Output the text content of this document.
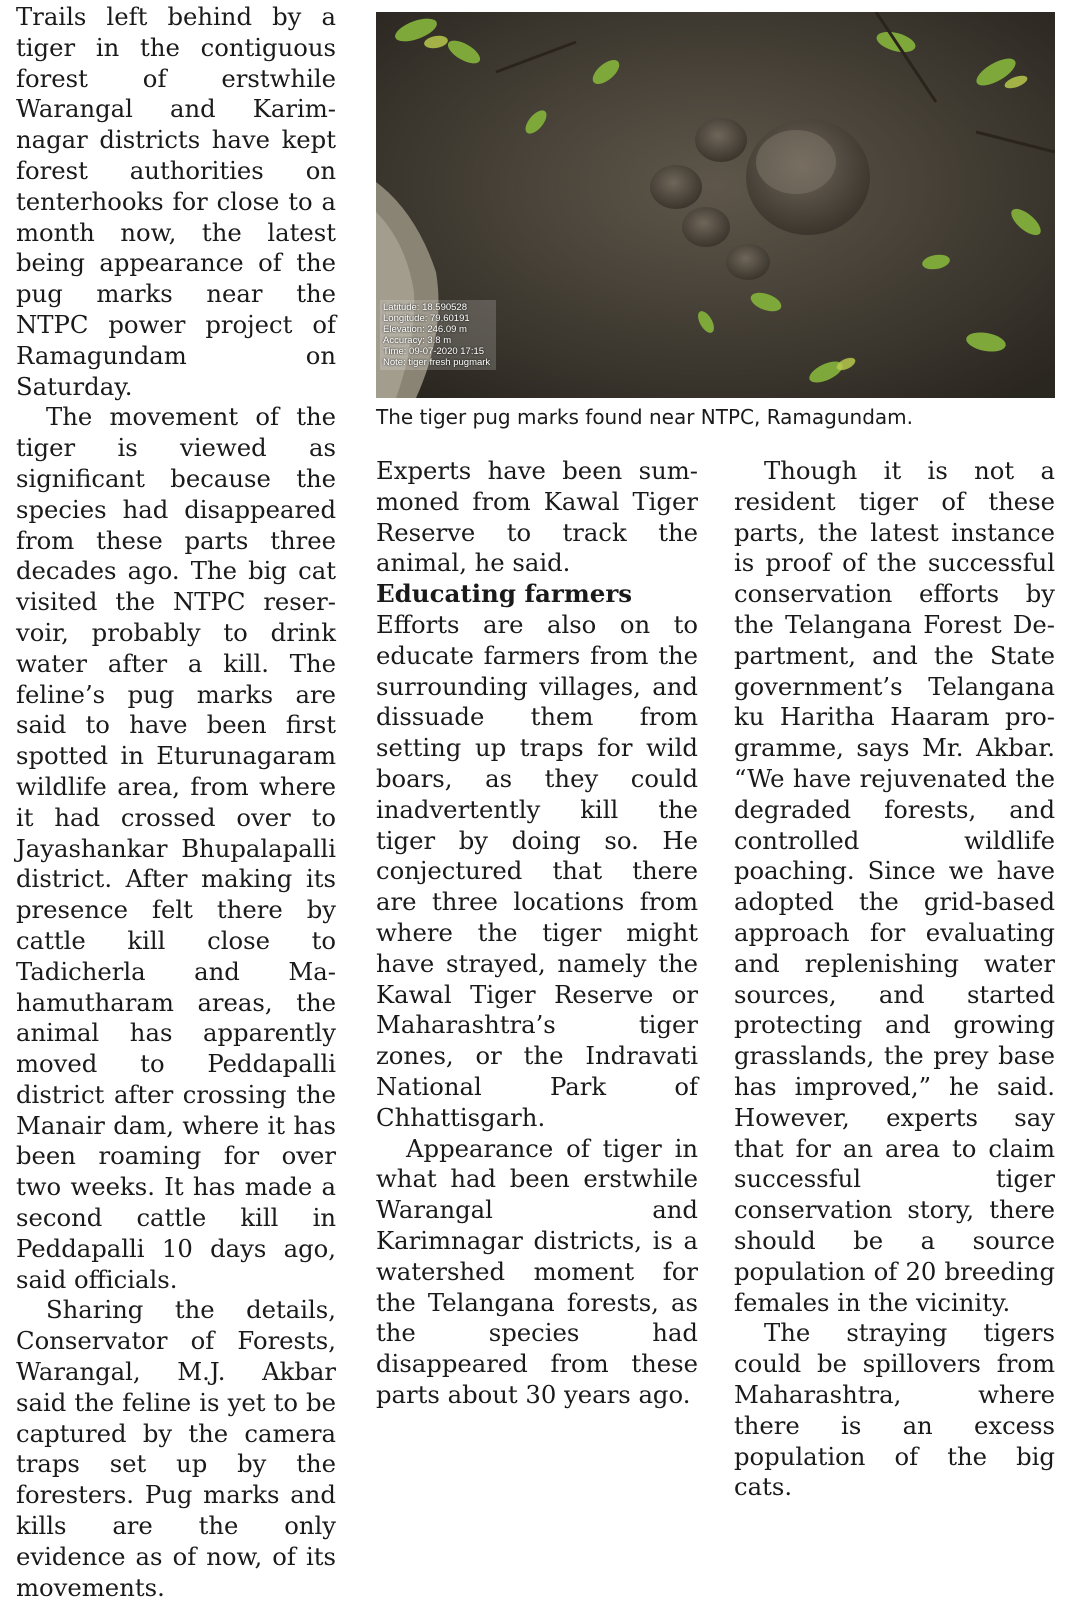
Trails left behind by a tiger in the contiguous forest of erstwhile Warangal and Karimnagar districts have kept forest authorities on tenterhooks for close to a month now, the latest being appearance of the pug marks near the NTPC power project of Ramagundam on Saturday.

The movement of the tiger is viewed as significant because the species had disappeared from these parts three decades ago. The big cat visited the NTPC reservoir, probably to drink water after a kill. The feline’s pug marks are said to have been first spotted in Eturunagaram wildlife area, from where it had crossed over to Jayashankar Bhupalapalli district. After making its presence felt there by cattle kill close to Tadicherla and Mahamutharam areas, the animal has apparently moved to Peddapalli district after crossing the Manair dam, where it has been roaming for over two weeks. It has made a second cattle kill in Peddapalli 10 days ago, said officials.

Sharing the details, Conservator of Forests, Warangal, M.J. Akbar said the feline is yet to be captured by the camera traps set up by the foresters. Pug marks and kills are the only evidence as of now, of its movements.

Latitude: 18.590528
Longitude: 79.60191
Elevation: 246.09 m
Accuracy: 3.8 m
Time: 09-07-2020 17:15
Note: tiger fresh pugmark
The tiger pug marks found near NTPC, Ramagundam.

Experts have been summoned from Kawal Tiger Reserve to track the animal, he said.

Educating farmers

Efforts are also on to educate farmers from the surrounding villages, and dissuade them from setting up traps for wild boars, as they could inadvertently kill the tiger by doing so. He conjectured that there are three locations from where the tiger might have strayed, namely the Kawal Tiger Reserve or Maharashtra’s tiger zones, or the Indravati National Park of Chhattisgarh.

Appearance of tiger in what had been erstwhile Warangal and Karimnagar districts, is a watershed moment for the Telangana forests, as the species had disappeared from these parts about 30 years ago.

Though it is not a resident tiger of these parts, the latest instance is proof of the successful conservation efforts by the Telangana Forest Department, and the State government’s Telangana ku Haritha Haaram programme, says Mr. Akbar. “We have rejuvenated the degraded forests, and controlled wildlife poaching. Since we have adopted the grid-based approach for evaluating and replenishing water sources, and started protecting and growing grasslands, the prey base has improved,” he said. However, experts say that for an area to claim successful tiger conservation story, there should be a source population of 20 breeding females in the vicinity.

The straying tigers could be spillovers from Maharashtra, where there is an excess population of the big cats.
